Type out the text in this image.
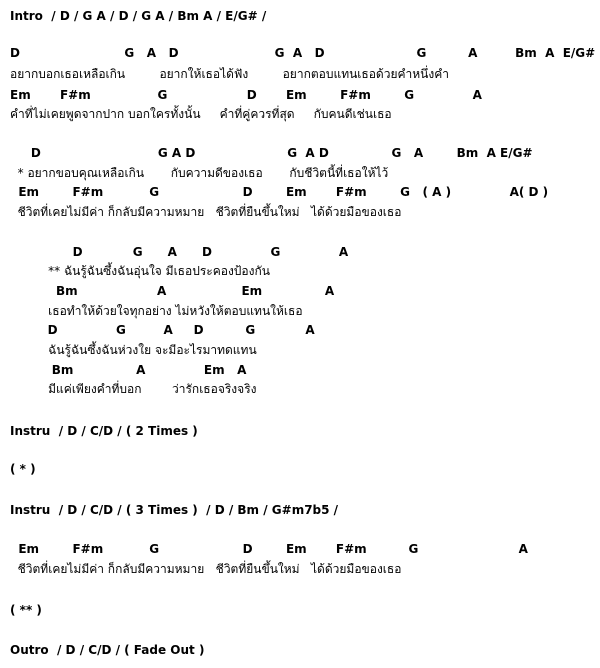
Intro  / D / G A / D / G A / Bm A / E/G# /
D                         G   A   D                       G  A   D                      G          A         Bm  A  E/G#
อยากบอกเธอเหลือเกิน         อยากให้เธอได้ฟัง         อยากตอบแทนเธอด้วยคำหนึ่งคำ
Em       F#m                G                   D       Em        F#m        G              A
คำที่ไม่เคยพูดจากปาก บอกใครทั้งนั้น     คำที่คู่ควรที่สุด     กับคนดีเช่นเธอ
D                            G A D                      G  A D               G   A        Bm  A E/G#
* อยากขอบคุณเหลือเกิน       กับความดีของเธอ       กับชีวิตนี้ที่เธอให้ไว้
Em        F#m           G                    D        Em       F#m        G   ( A )              A( D )
ชีวิตที่เคยไม่มีค่า ก็กลับมีความหมาย   ชีวิตที่ยืนขึ้นใหม่   ได้ด้วยมือของเธอ
D            G      A      D              G              A
** ฉันรู้ฉันซึ้งฉันอุ่นใจ มีเธอประคองป้องกัน
Bm                   A                  Em               A
เธอทำให้ด้วยใจทุกอย่าง ไม่หวังให้ตอบแทนให้เธอ
D              G         A     D          G            A
ฉันรู้ฉันซึ้งฉันห่วงใย จะมีอะไรมาทดแทน
Bm               A              Em   A
มีแค่เพียงคำที่บอก        ว่ารักเธอจริงจริง
Instru  / D / C/D / ( 2 Times )
( * )
Instru  / D / C/D / ( 3 Times )  / D / Bm / G#m7b5 /
Em        F#m           G                    D        Em       F#m          G                        A
ชีวิตที่เคยไม่มีค่า ก็กลับมีความหมาย   ชีวิตที่ยืนขึ้นใหม่   ได้ด้วยมือของเธอ
( ** )
Outro  / D / C/D / ( Fade Out )
